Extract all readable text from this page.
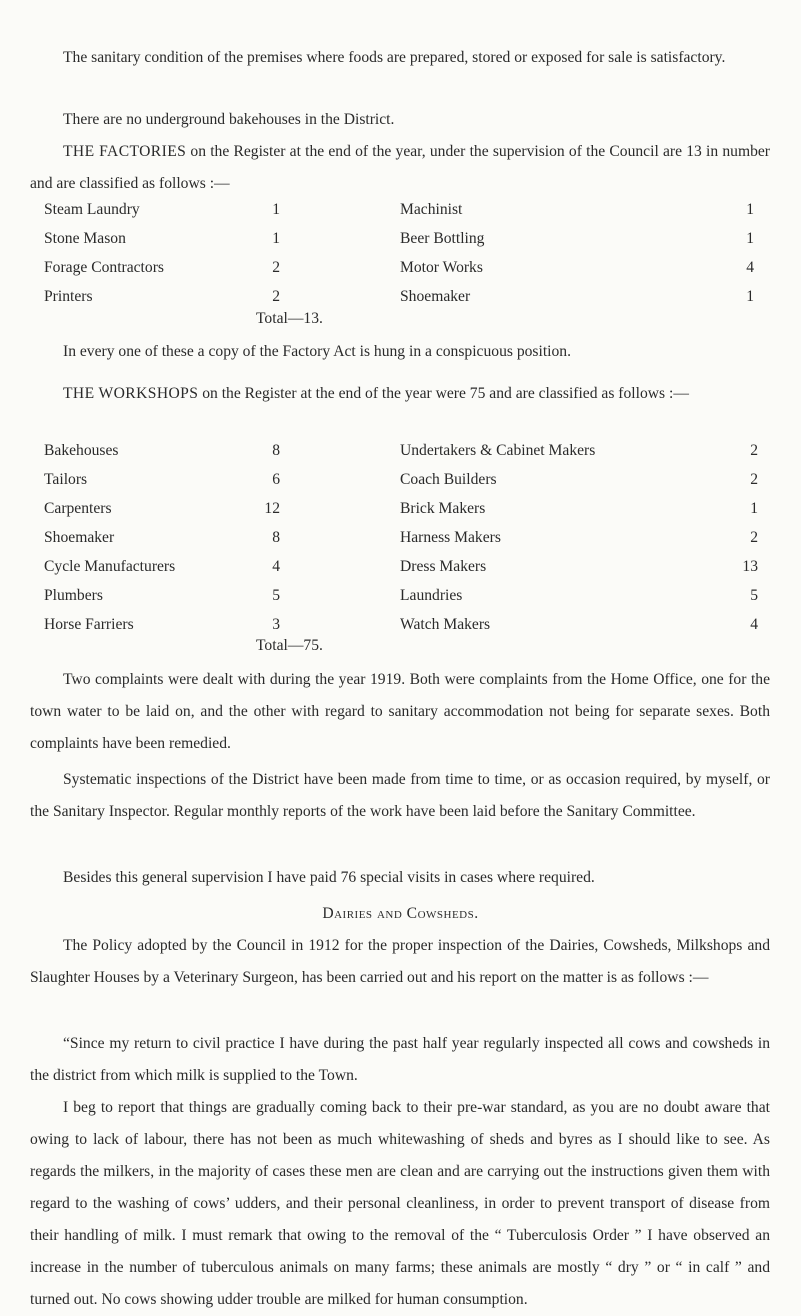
The sanitary condition of the premises where foods are prepared, stored or exposed for sale is satisfactory.

There are no underground bakehouses in the District.

THE FACTORIES on the Register at the end of the year, under the supervision of the Council are 13 in number and are classified as follows :—

Steam Laundry	1	Machinist	1
Stone Mason	1	Beer Bottling	1
Forage Contractors	2	Motor Works	4
Printers	2	Shoemaker	1
Total—13.

In every one of these a copy of the Factory Act is hung in a conspicuous position.

THE WORKSHOPS on the Register at the end of the year were 75 and are classified as follows :—

Bakehouses	8	Undertakers & Cabinet Makers	2
Tailors	6	Coach Builders	2
Carpenters	12	Brick Makers	1
Shoemaker	8	Harness Makers	2
Cycle Manufacturers	4	Dress Makers	13
Plumbers	5	Laundries	5
Horse Farriers	3	Watch Makers	4
Total—75.

Two complaints were dealt with during the year 1919. Both were complaints from the Home Office, one for the town water to be laid on, and the other with regard to sanitary accommodation not being for separate sexes. Both complaints have been remedied.

Systematic inspections of the District have been made from time to time, or as occasion required, by myself, or the Sanitary Inspector. Regular monthly reports of the work have been laid before the Sanitary Committee.

Besides this general supervision I have paid 76 special visits in cases where required.

Dairies and Cowsheds.

The Policy adopted by the Council in 1912 for the proper inspection of the Dairies, Cowsheds, Milkshops and Slaughter Houses by a Veterinary Surgeon, has been carried out and his report on the matter is as follows :—

“Since my return to civil practice I have during the past half year regularly inspected all cows and cowsheds in the district from which milk is supplied to the Town.

I beg to report that things are gradually coming back to their pre-war standard, as you are no doubt aware that owing to lack of labour, there has not been as much whitewashing of sheds and byres as I should like to see. As regards the milkers, in the majority of cases these men are clean and are carrying out the instructions given them with regard to the washing of cows’ udders, and their personal cleanliness, in order to prevent transport of disease from their handling of milk. I must remark that owing to the removal of the “ Tuberculosis Order ” I have observed an increase in the number of tuberculous animals on many farms; these animals are mostly “ dry ” or “ in calf ” and turned out. No cows showing udder trouble are milked for human consumption.
